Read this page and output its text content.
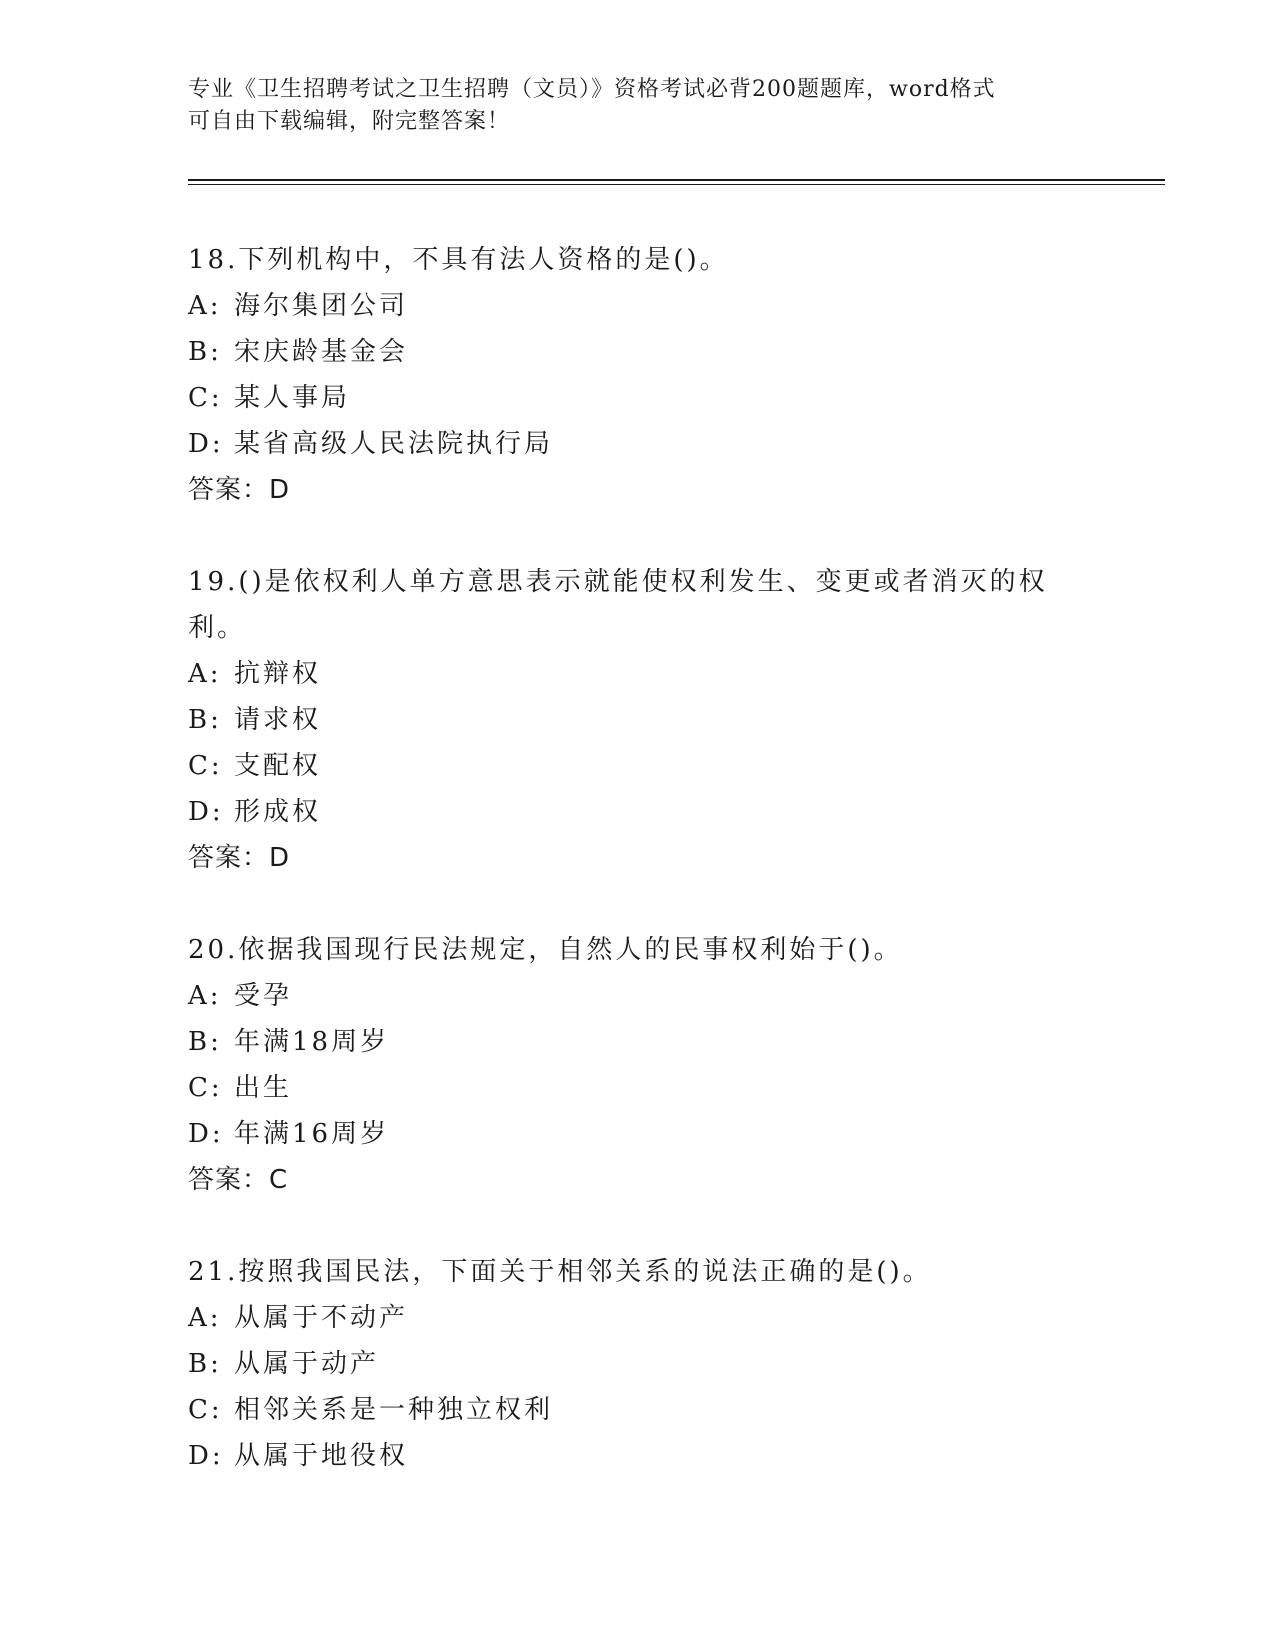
专业《卫生招聘考试之卫生招聘（文员）》资格考试必背200题题库，word格式
可自由下载编辑，附完整答案！
18.下列机构中，不具有法人资格的是()。
A: 海尔集团公司
B: 宋庆龄基金会
C: 某人事局
D: 某省高级人民法院执行局
答案：D
19.()是依权利人单方意思表示就能使权利发生、变更或者消灭的权利。
A: 抗辩权
B: 请求权
C: 支配权
D: 形成权
答案：D
20.依据我国现行民法规定，自然人的民事权利始于()。
A: 受孕
B: 年满18周岁
C: 出生
D: 年满16周岁
答案：C
21.按照我国民法，下面关于相邻关系的说法正确的是()。
A: 从属于不动产
B: 从属于动产
C: 相邻关系是一种独立权利
D: 从属于地役权
